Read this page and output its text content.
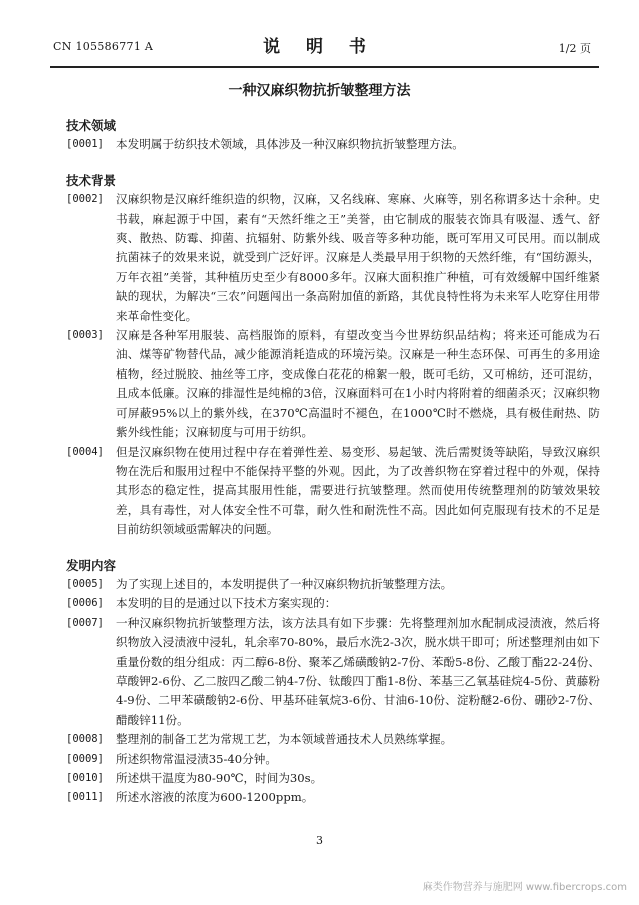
CN 105586771 A	说 明 书	1/2 页
一种汉麻织物抗折皱整理方法

技术领域

[0001]	本发明属于纺织技术领域，具体涉及一种汉麻织物抗折皱整理方法。

技术背景

[0002]	汉麻织物是汉麻纤维织造的织物，汉麻，又名线麻、寒麻、火麻等，别名称谓多达十余种。史书载，麻起源于中国，素有“天然纤维之王”美誉，由它制成的服装衣饰具有吸湿、透气、舒爽、散热、防霉、抑菌、抗辐射、防紫外线、吸音等多种功能，既可军用又可民用。而以制成抗菌袜子的效果来说，就受到广泛好评。汉麻是人类最早用于织物的天然纤维，有“国纺源头，万年衣祖”美誉，其种植历史至少有8000多年。汉麻大面积推广种植，可有效缓解中国纤维紧缺的现状，为解决“三农”问题闯出一条高附加值的新路，其优良特性将为未来军人吃穿住用带来革命性变化。
[0003]	汉麻是各种军用服装、高档服饰的原料，有望改变当今世界纺织品结构；将来还可能成为石油、煤等矿物替代品，减少能源消耗造成的环境污染。汉麻是一种生态环保、可再生的多用途植物，经过脱胶、抽丝等工序，变成像白花花的棉絮一般，既可毛纺，又可棉纺，还可混纺，且成本低廉。汉麻的排湿性是纯棉的3倍，汉麻面料可在1小时内将附着的细菌杀灭；汉麻织物可屏蔽95%以上的紫外线，在370℃高温时不褪色，在1000℃时不燃烧，具有极佳耐热、防紫外线性能；汉麻韧度与可用于纺织。
[0004]	但是汉麻织物在使用过程中存在着弹性差、易变形、易起皱、洗后需熨烫等缺陷，导致汉麻织物在洗后和服用过程中不能保持平整的外观。因此，为了改善织物在穿着过程中的外观，保持其形态的稳定性，提高其服用性能，需要进行抗皱整理。然而使用传统整理剂的防皱效果较差，具有毒性，对人体安全性不可靠，耐久性和耐洗性不高。因此如何克服现有技术的不足是目前纺织领域亟需解决的问题。

发明内容

[0005]	为了实现上述目的，本发明提供了一种汉麻织物抗折皱整理方法。
[0006]	本发明的目的是通过以下技术方案实现的：
[0007]	一种汉麻织物抗折皱整理方法，该方法具有如下步骤：先将整理剂加水配制成浸渍液，然后将织物放入浸渍液中浸轧，轧余率70-80%，最后水洗2-3次，脱水烘干即可；所述整理剂由如下重量份数的组分组成：丙二醇6-8份、聚苯乙烯磺酸钠2-7份、苯酚5-8份、乙酸丁酯22-24份、草酸钾2-6份、乙二胺四乙酸二钠4-7份、钛酸四丁酯1-8份、苯基三乙氧基硅烷4-5份、黄藤粉4-9份、二甲苯磺酸钠2-6份、甲基环硅氧烷3-6份、甘油6-10份、淀粉醚2-6份、硼砂2-7份、醋酸锌11份。
[0008]	整理剂的制备工艺为常规工艺，为本领域普通技术人员熟练掌握。
[0009]	所述织物常温浸渍35-40分钟。
[0010]	所述烘干温度为80-90℃，时间为30s。
[0011]	所述水溶液的浓度为600-1200ppm。
3
麻类作物营养与施肥网 www.fibercrops.com
